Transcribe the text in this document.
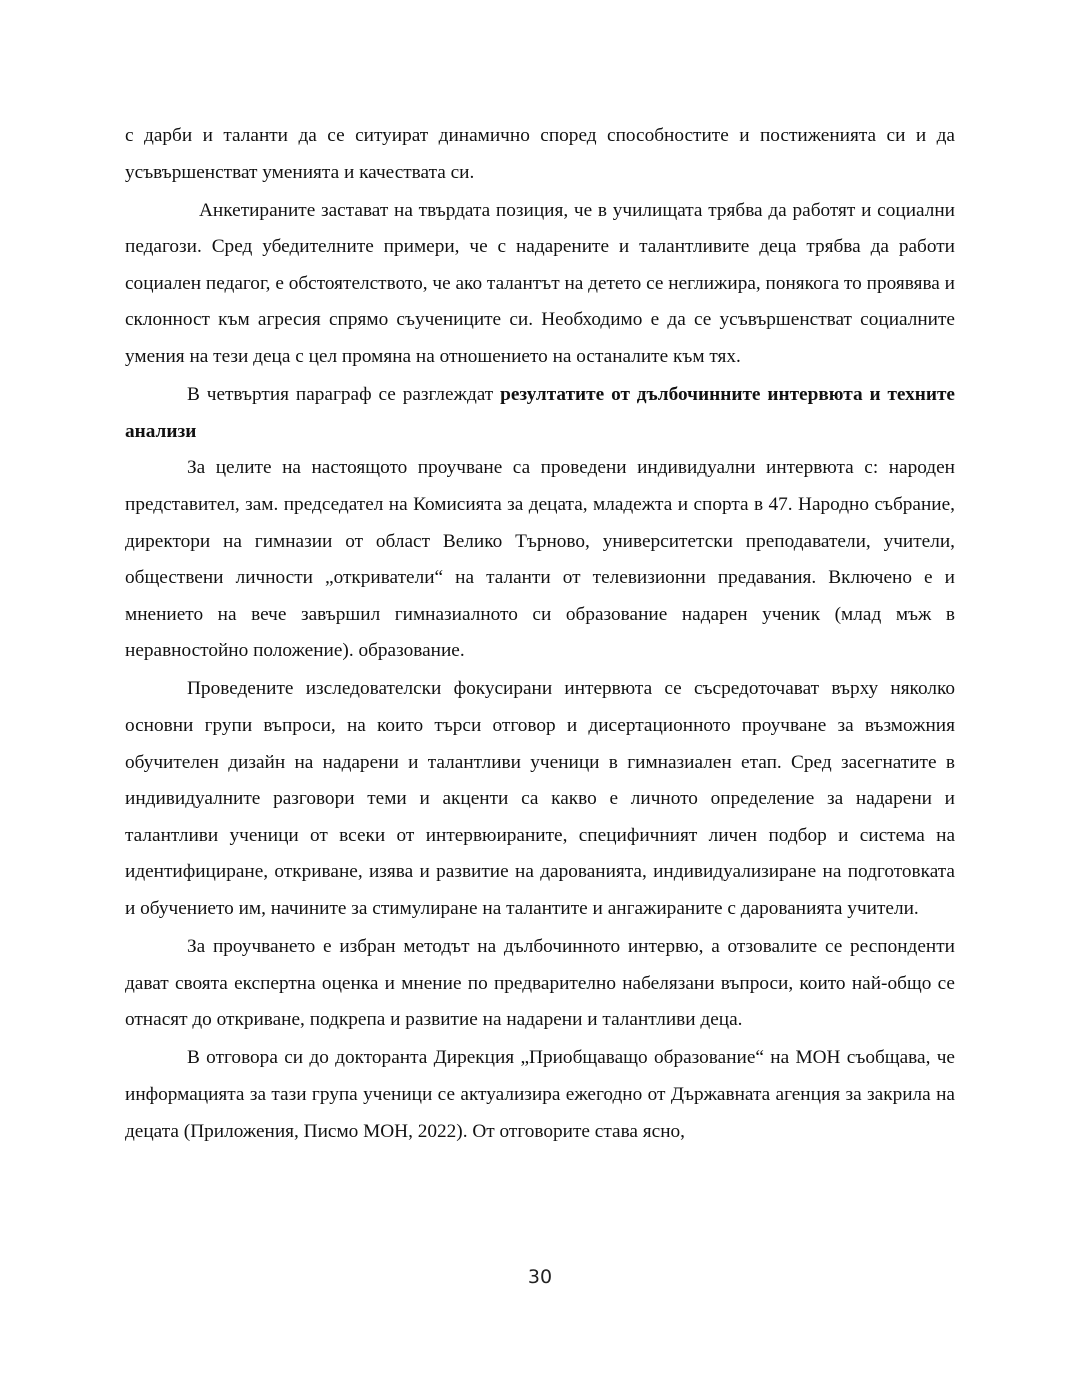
с дарби и таланти да се ситуират динамично според способностите и постиженията си и да усъвършенстват уменията и качествата си.

Анкетираните застават на твърдата позиция, че в училищата трябва да работят и социални педагози. Сред убедителните примери, че с надарените и талантливите деца трябва да работи социален педагог, е обстоятелството, че ако талантът на детето се неглижира, понякога то проявява и склонност към агресия спрямо съучениците си. Необходимо е да се усъвършенстват социалните умения на тези деца с цел промяна на отношението на останалите към тях.

В четвъртия параграф се разглеждат резултатите от дълбочинните интервюта и техните анализи

За целите на настоящото проучване са проведени индивидуални интервюта с: народен представител, зам. председател на Комисията за децата, младежта и спорта в 47. Народно събрание, директори на гимназии от област Велико Търново, университетски преподаватели, учители, обществени личности „откриватели“ на таланти от телевизионни предавания. Включено е и мнението на вече завършил гимназиалното си образование надарен ученик (млад мъж в неравностойно положение). образование.

Проведените изследователски фокусирани интервюта се съсредоточават върху няколко основни групи въпроси, на които търси отговор и дисертационното проучване за възможния обучителен дизайн на надарени и талантливи ученици в гимназиален етап. Сред засегнатите в индивидуалните разговори теми и акценти са какво е личното определение за надарени и талантливи ученици от всеки от интервюираните, специфичният личен подбор и система на идентифициране, откриване, изява и развитие на дарованията, индивидуализиране на подготовката и обучението им, начините за стимулиране на талантите и ангажираните с дарованията учители.

За проучването е избран методът на дълбочинното интервю, а отзовалите се респонденти дават своята експертна оценка и мнение по предварително набелязани въпроси, които най-общо се отнасят до откриване, подкрепа и развитие на надарени и талантливи деца.

В отговора си до докторанта Дирекция „Приобщаващо образование“ на МОН съобщава, че информацията за тази група ученици се актуализира ежегодно от Държавната агенция за закрила на децата (Приложения, Писмо МОН, 2022). От отговорите става ясно,

30
